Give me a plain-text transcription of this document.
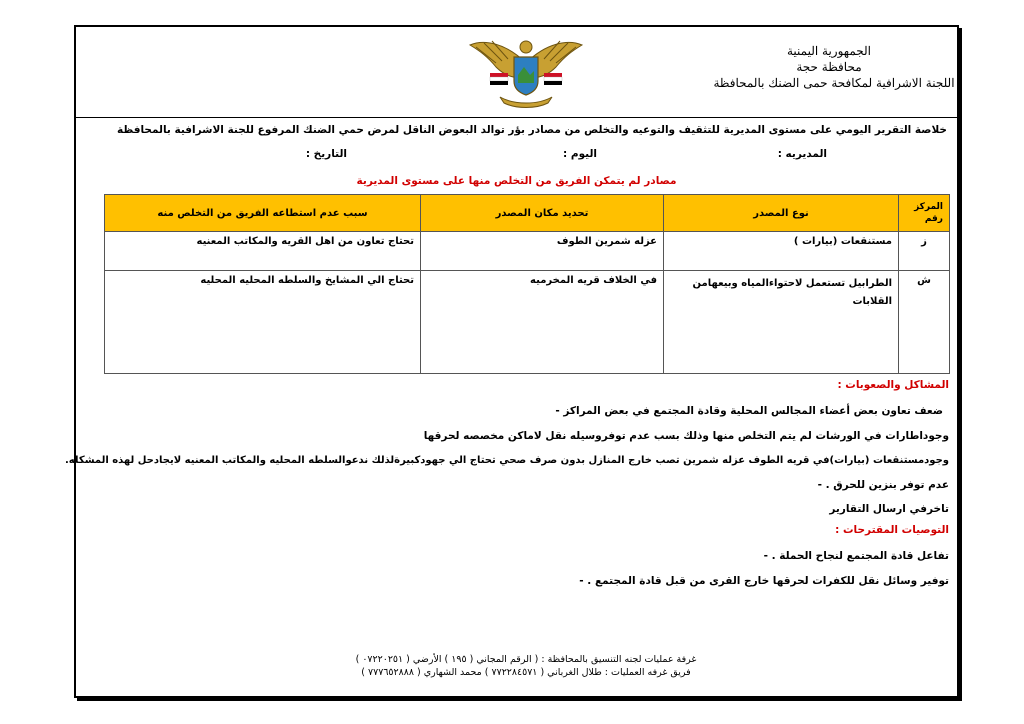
الجمهورية اليمنية
محافظة حجة
اللجنة الاشرافية لمكافحة حمى الضنك بالمحافظة
خلاصة التقرير اليومي على مستوى المديرية للتثقيف والتوعيه والتخلص من مصادر بؤر توالد البعوض الناقل لمرض حمي الضنك المرفوع للجنة الاشرافية بالمحافظة
المديريه :
اليوم :
التاريخ :
مصادر لم يتمكن الفريق من التخلص منها على مستوى المديرية
المركز رقم	نوع المصدر	تحديد مكان المصدر	سبب عدم استطاعه الفريق من التخلص منه
ز	مستنقعات (بيارات )	عزله شمرين الطوف	تحتاج تعاون من اهل القريه والمكاتب المعنيه
ش	الطرابيل تستعمل لاحتواءالمياه وبيعهامن القلابات	في الخلاف قريه المخرميه	تحتاج الي المشايخ والسلطه المحليه المحليه
المشاكل والصعوبات :
ضعف تعاون بعض أعضاء المجالس المحلية وقادة المجتمع في بعض المراكز -
وجوداطارات في الورشات لم يتم التخلص منها وذلك بسب عدم توفروسيله نقل لاماكن مخصصه لحرقها
وجودمستنقعات (بيارات)في قريه الطوف عزله شمرين تصب خارج المنازل بدون صرف صحي تحتاج الي جهودكبيرةلذلك ندعوالسلطه المحليه والمكاتب المعنيه لايجادحل لهذه المشكله.
عدم توفر بنزين للحرق . -
تاخرفي ارسال التقارير
التوصيات المقترحات :
تفاعل قادة المجتمع لنجاح الحملة . -
توفير وسائل نقل للكفرات لحرقها خارج القرى من قبل قادة المجتمع . -
غرفة عمليات لجنه التنسيق بالمحافظة : ( الرقم المجاني ( ١٩٥ ) الأرضي ( ٠٧٢٢٠٢٥١ )
فريق غرفه العمليات : طلال الغرباني ( ٧٧٢٢٨٤٥٧١ ) محمد الشهاري ( ٧٧٧٦٥٢٨٨٨ )
